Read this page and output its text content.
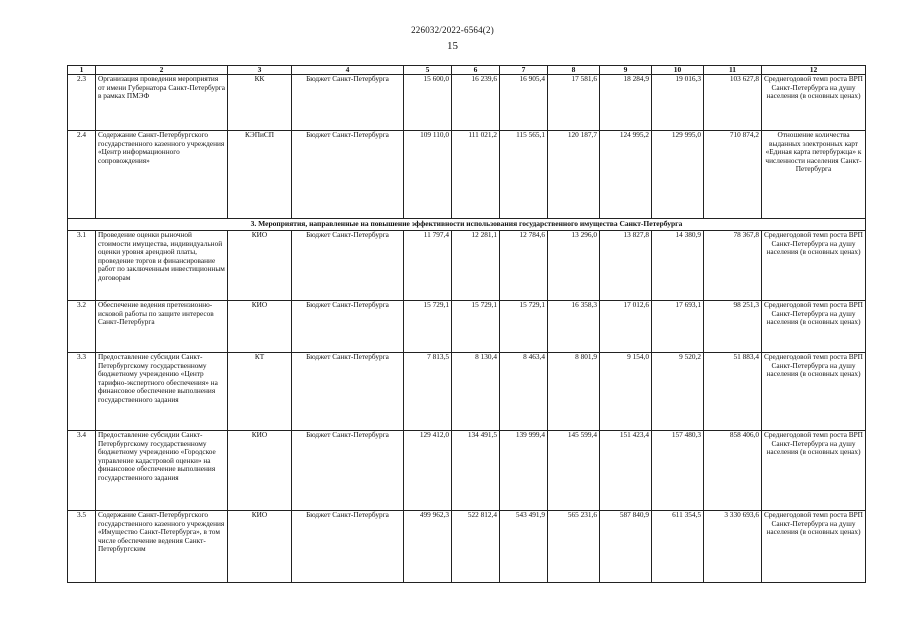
226032/2022-6564(2)
15
1	2	3	4	5	6	7	8	9	10	11	12
2.3	Организация проведения мероприятия от имени Губернатора Санкт-Петербурга в рамках ПМЭФ	КК	Бюджет Санкт-Петербурга	15 600,0	16 239,6	16 905,4	17 581,6	18 284,9	19 016,3	103 627,8	Среднегодовой темп роста ВРП Санкт-Петербурга на душу населения (в основных ценах)
2.4	Содержание Санкт-Петербургского государственного казенного учреждения «Центр информационного сопровождения»	КЭПиСП	Бюджет Санкт-Петербурга	109 110,0	111 021,2	115 565,1	120 187,7	124 995,2	129 995,0	710 874,2	Отношение количества выданных электронных карт «Единая карта петербуржца» к численности населения Санкт-Петербурга
3. Мероприятия, направленные на повышение эффективности использования государственного имущества Санкт-Петербурга											
3.1	Проведение оценки рыночной стоимости имущества, индивидуальной оценки уровня арендной платы, проведение торгов и финансирование работ по заключенным инвестиционным договорам	КИО	Бюджет Санкт-Петербурга	11 797,4	12 281,1	12 784,6	13 296,0	13 827,8	14 380,9	78 367,8	Среднегодовой темп роста ВРП Санкт-Петербурга на душу населения (в основных ценах)
3.2	Обеспечение ведения претензионно-исковой работы по защите интересов Санкт-Петербурга	КИО	Бюджет Санкт-Петербурга	15 729,1	15 729,1	15 729,1	16 358,3	17 012,6	17 693,1	98 251,3	Среднегодовой темп роста ВРП Санкт-Петербурга на душу населения (в основных ценах)
3.3	Предоставление субсидии Санкт-Петербургскому государственному бюджетному учреждению «Центр тарифно-экспертного обеспечения» на финансовое обеспечение выполнения государственного задания	КТ	Бюджет Санкт-Петербурга	7 813,5	8 130,4	8 463,4	8 801,9	9 154,0	9 520,2	51 883,4	Среднегодовой темп роста ВРП Санкт-Петербурга на душу населения (в основных ценах)
3.4	Предоставление субсидии Санкт-Петербургскому государственному бюджетному учреждению «Городское управление кадастровой оценки» на финансовое обеспечение выполнения государственного задания	КИО	Бюджет Санкт-Петербурга	129 412,0	134 491,5	139 999,4	145 599,4	151 423,4	157 480,3	858 406,0	Среднегодовой темп роста ВРП Санкт-Петербурга на душу населения (в основных ценах)
3.5	Содержание Санкт-Петербургского государственного казенного учреждения «Имущество Санкт-Петербурга», в том числе обеспечение ведения Санкт-Петербургским	КИО	Бюджет Санкт-Петербурга	499 962,3	522 812,4	543 491,9	565 231,6	587 840,9	611 354,5	3 330 693,6	Среднегодовой темп роста ВРП Санкт-Петербурга на душу населения (в основных ценах)
